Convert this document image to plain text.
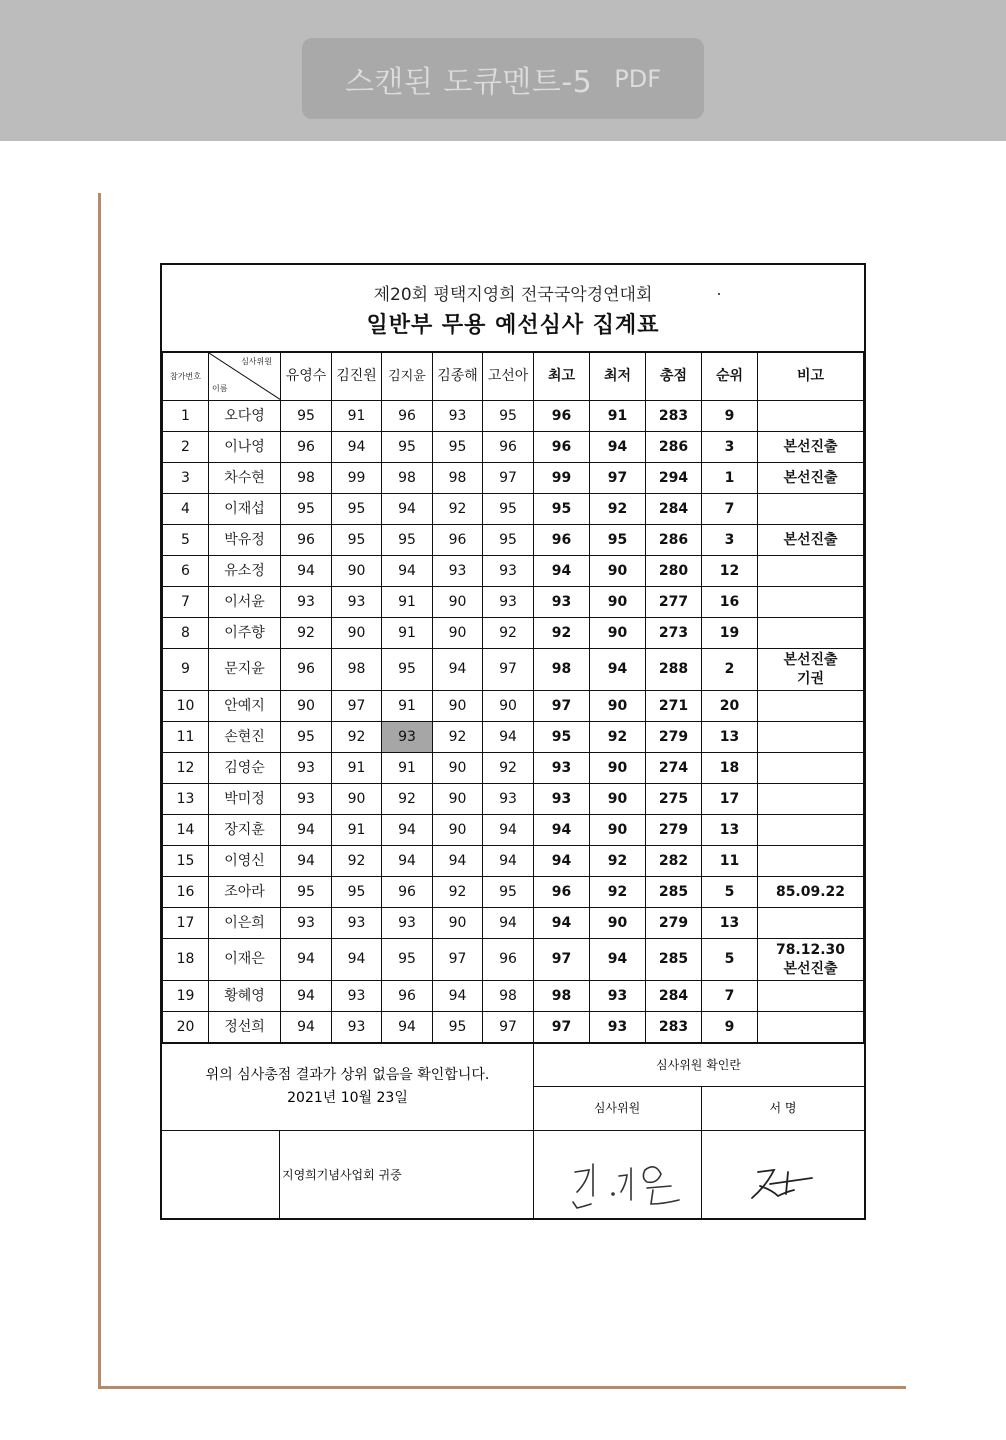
스캔된 도큐멘트-5 PDF
제20회 평택지영희 전국국악경연대회
일반부 무용 예선심사 집계표
참가번호	심사위원
이름	유영수	김진원	김지윤	김종해	고선아	최고	최저	총점	순위	비고
1	오다영	95	91	96	93	95	96	91	283	9	

2	이나영	96	94	95	95	96	96	94	286	3	본선진출

3	차수현	98	99	98	98	97	99	97	294	1	본선진출

4	이재섭	95	95	94	92	95	95	92	284	7	

5	박유정	96	95	95	96	95	96	95	286	3	본선진출

6	유소정	94	90	94	93	93	94	90	280	12	

7	이서윤	93	93	91	90	93	93	90	277	16	

8	이주향	92	90	91	90	92	92	90	273	19	

9	문지윤	96	98	95	94	97	98	94	288	2	본선진출
기권

10	안예지	90	97	91	90	90	97	90	271	20	

11	손현진	95	92	93	92	94	95	92	279	13	

12	김영순	93	91	91	90	92	93	90	274	18	

13	박미정	93	90	92	90	93	93	90	275	17	

14	장지훈	94	91	94	90	94	94	90	279	13	

15	이영신	94	92	94	94	94	94	92	282	11	

16	조아라	95	95	96	92	95	96	92	285	5	85.09.22

17	이은희	93	93	93	90	94	94	90	279	13	

18	이재은	94	94	95	97	96	97	94	285	5	78.12.30
본선진출

19	황혜영	94	93	96	94	98	98	93	284	7	

20	정선희	94	93	94	95	97	97	93	283	9	
위의 심사총점 결과가 상위 없음을 확인합니다.
2021년 10월 23일
지영희기념사업회 귀중
심사위원 확인란
심사위원	서 명
